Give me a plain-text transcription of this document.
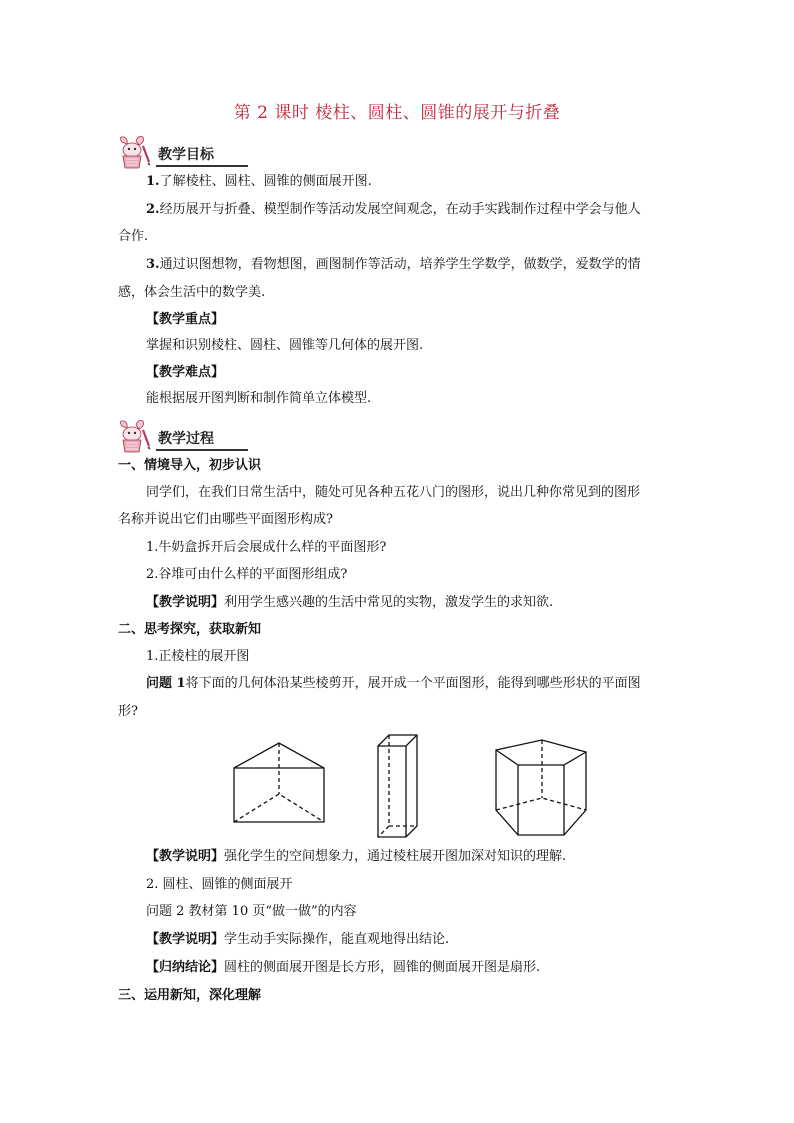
第 2 课时 棱柱、圆柱、圆锥的展开与折叠
教学目标
1.了解棱柱、圆柱、圆锥的侧面展开图.
2.经历展开与折叠、模型制作等活动发展空间观念，在动手实践制作过程中学会与他人
合作.
3.通过识图想物，看物想图，画图制作等活动，培养学生学数学，做数学，爱数学的情
感，体会生活中的数学美.
【教学重点】
掌握和识别棱柱、圆柱、圆锥等几何体的展开图.
【教学难点】
能根据展开图判断和制作简单立体模型.
教学过程
一、情境导入，初步认识
同学们，在我们日常生活中，随处可见各种五花八门的图形，说出几种你常见到的图形
名称并说出它们由哪些平面图形构成?
1.牛奶盒拆开后会展成什么样的平面图形?
2.谷堆可由什么样的平面图形组成?
【教学说明】利用学生感兴趣的生活中常见的实物，激发学生的求知欲.
二、思考探究，获取新知
1.正棱柱的展开图
问题 1将下面的几何体沿某些棱剪开，展开成一个平面图形，能得到哪些形状的平面图
形?
【教学说明】强化学生的空间想象力，通过棱柱展开图加深对知识的理解.
2. 圆柱、圆锥的侧面展开
问题 2 教材第 10 页“做一做”的内容
【教学说明】学生动手实际操作，能直观地得出结论.
【归纳结论】圆柱的侧面展开图是长方形，圆锥的侧面展开图是扇形.
三、运用新知，深化理解
